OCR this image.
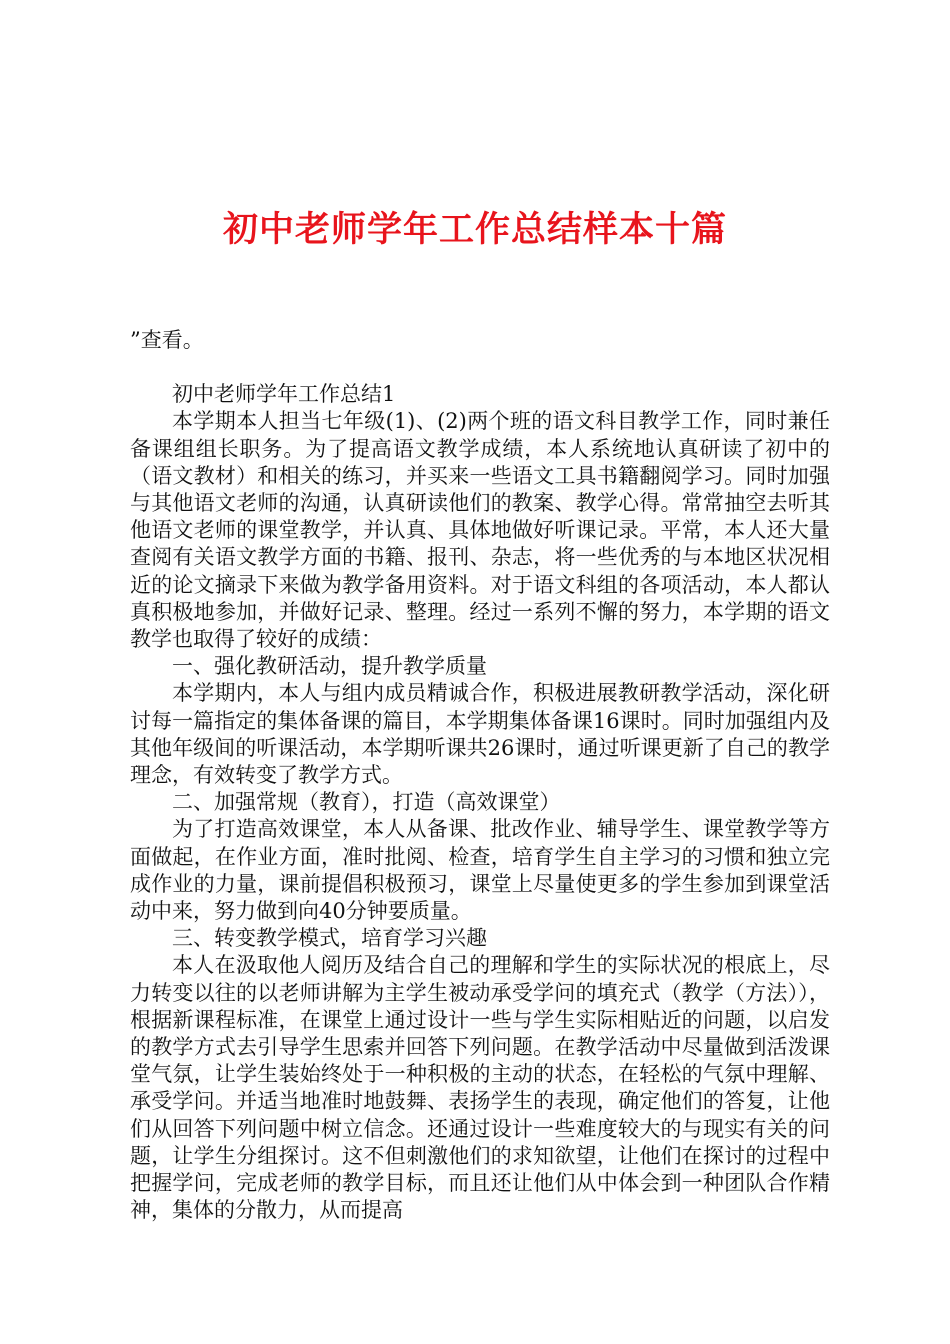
初中老师学年工作总结样本十篇

”查看。

初中老师学年工作总结1

本学期本人担当七年级(1)、(2)两个班的语文科目教学工作，同时兼任备课组组长职务。为了提高语文教学成绩，本人系统地认真研读了初中的（语文教材）和相关的练习，并买来一些语文工具书籍翻阅学习。同时加强与其他语文老师的沟通，认真研读他们的教案、教学心得。常常抽空去听其他语文老师的课堂教学，并认真、具体地做好听课记录。平常，本人还大量查阅有关语文教学方面的书籍、报刊、杂志，将一些优秀的与本地区状况相近的论文摘录下来做为教学备用资料。对于语文科组的各项活动，本人都认真积极地参加，并做好记录、整理。经过一系列不懈的努力，本学期的语文教学也取得了较好的成绩：

一、强化教研活动，提升教学质量

本学期内，本人与组内成员精诚合作，积极进展教研教学活动，深化研讨每一篇指定的集体备课的篇目，本学期集体备课16课时。同时加强组内及其他年级间的听课活动，本学期听课共26课时，通过听课更新了自己的教学理念，有效转变了教学方式。

二、加强常规（教育），打造（高效课堂）

为了打造高效课堂，本人从备课、批改作业、辅导学生、课堂教学等方面做起，在作业方面，准时批阅、检查，培育学生自主学习的习惯和独立完成作业的力量，课前提倡积极预习，课堂上尽量使更多的学生参加到课堂活动中来，努力做到向40分钟要质量。

三、转变教学模式，培育学习兴趣

本人在汲取他人阅历及结合自己的理解和学生的实际状况的根底上，尽力转变以往的以老师讲解为主学生被动承受学问的填充式（教学（方法）），根据新课程标准，在课堂上通过设计一些与学生实际相贴近的问题，以启发的教学方式去引导学生思索并回答下列问题。在教学活动中尽量做到活泼课堂气氛，让学生装始终处于一种积极的主动的状态，在轻松的气氛中理解、承受学问。并适当地准时地鼓舞、表扬学生的表现，确定他们的答复，让他们从回答下列问题中树立信念。还通过设计一些难度较大的与现实有关的问题，让学生分组探讨。这不但刺激他们的求知欲望，让他们在探讨的过程中把握学问，完成老师的教学目标，而且还让他们从中体会到一种团队合作精神，集体的分散力，从而提高
